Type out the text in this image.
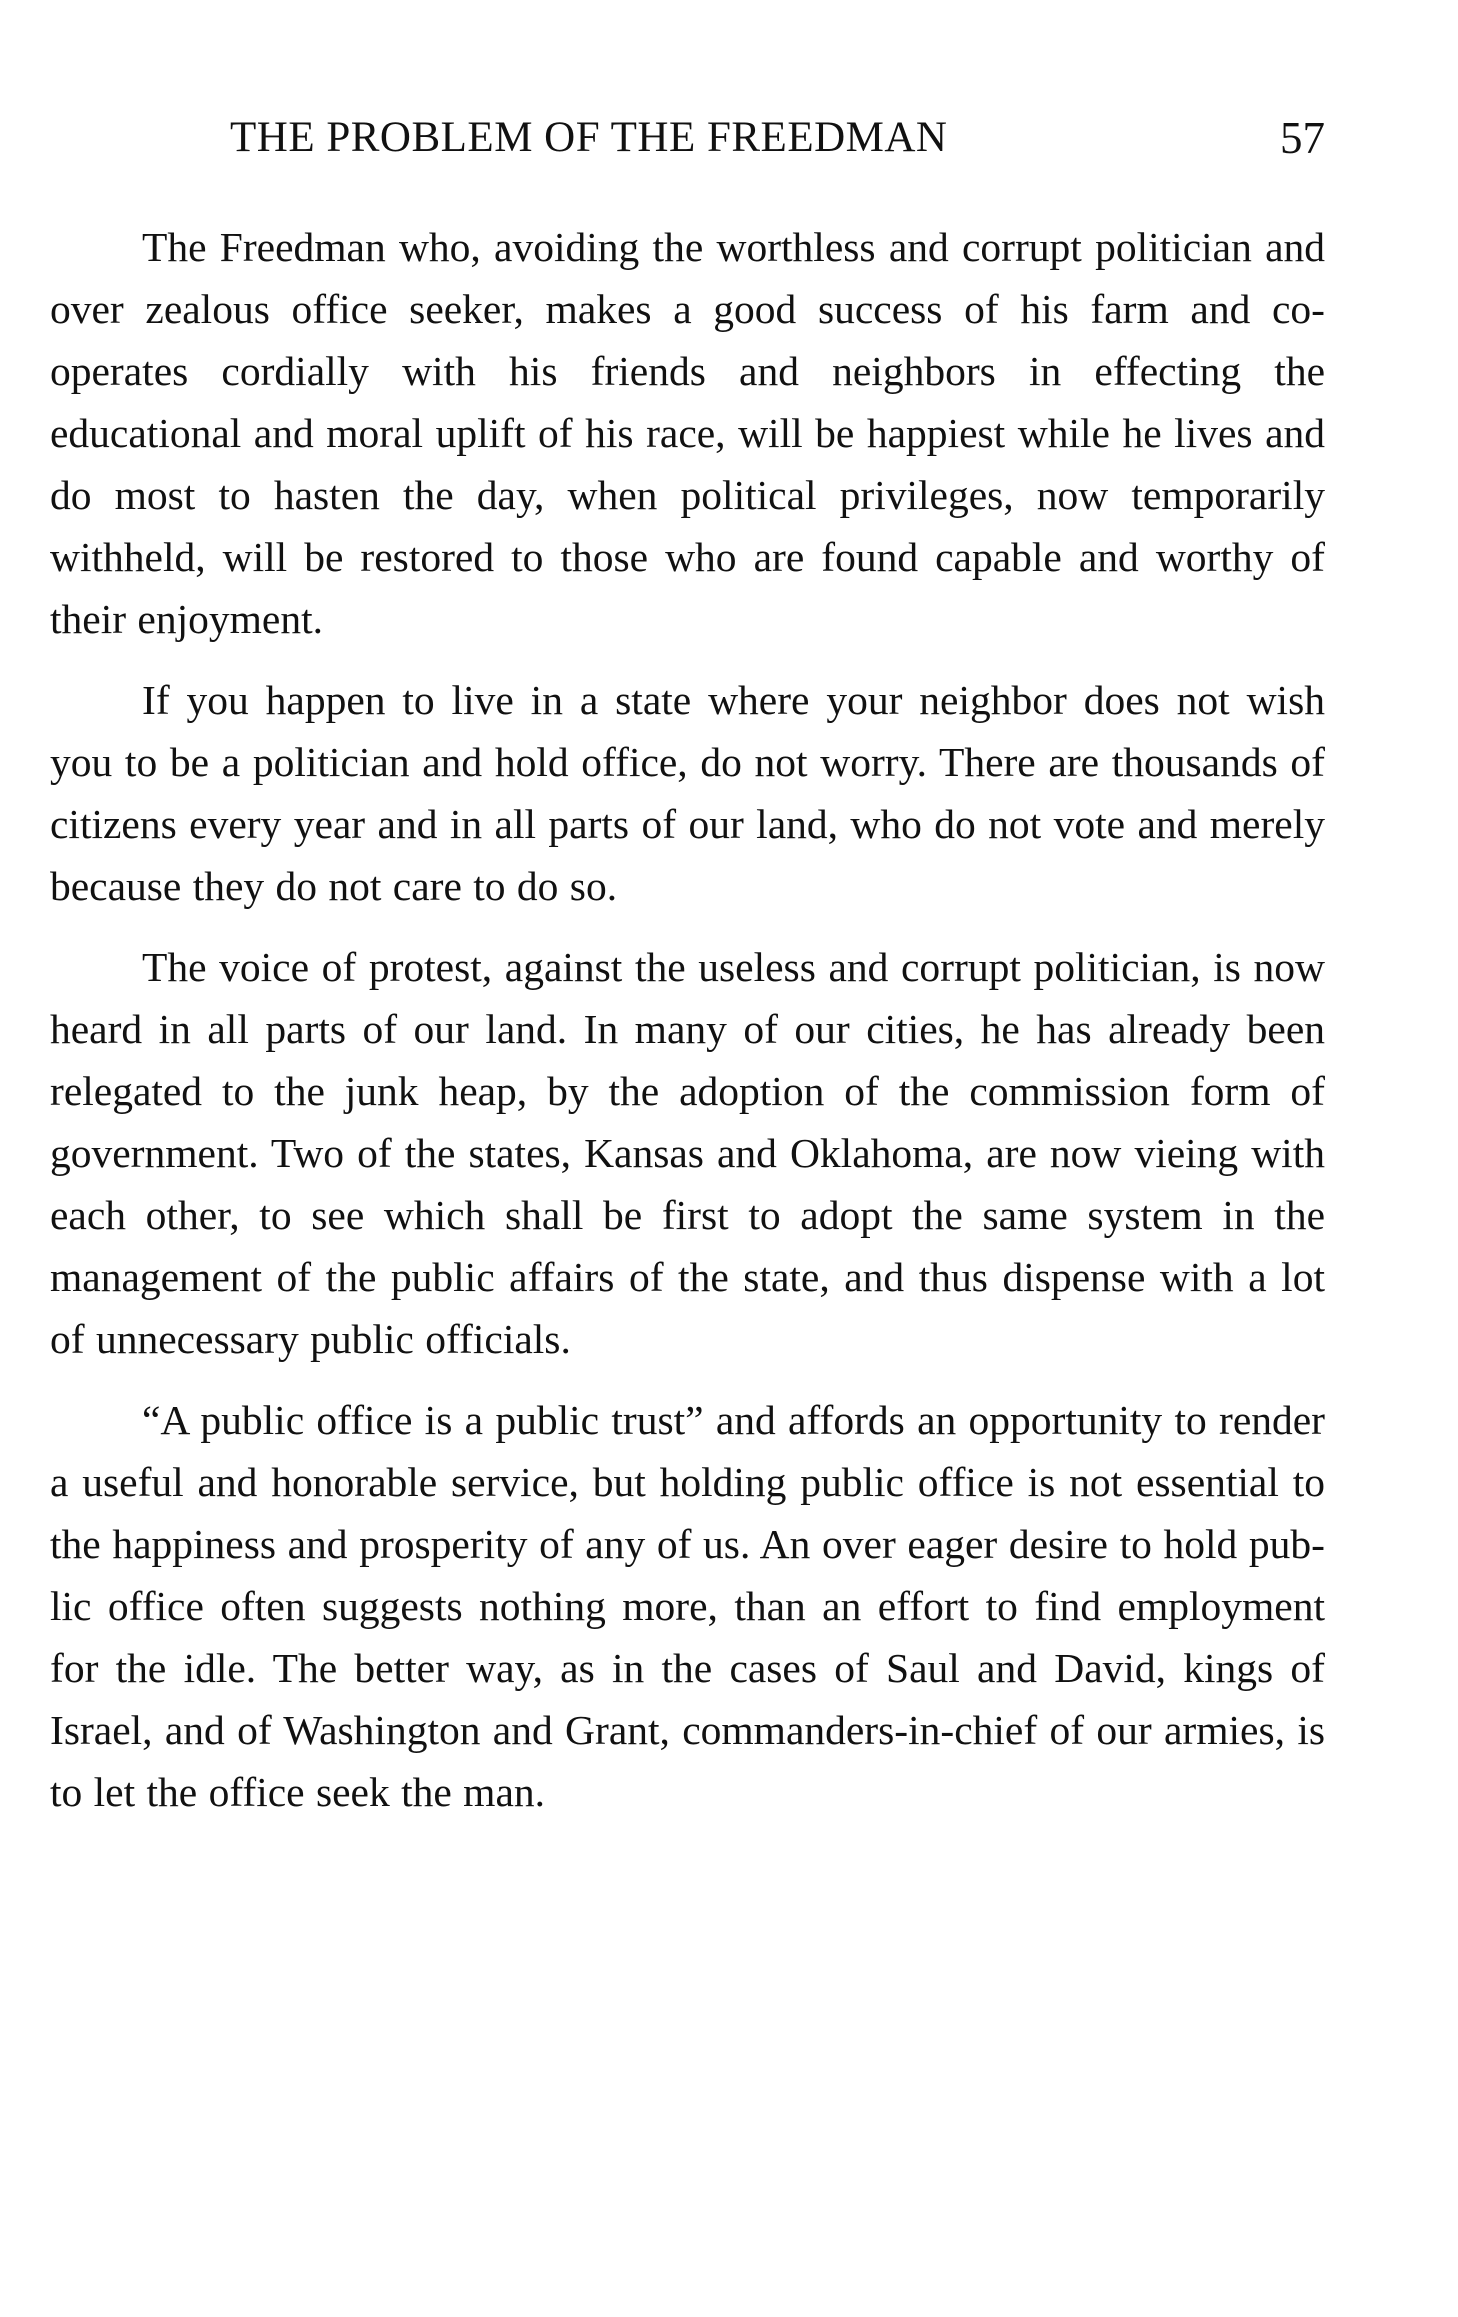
THE PROBLEM OF THE FREEDMAN	57

The Freedman who, avoiding the worthless and corrupt politician and over zealous office seeker, makes a good success of his farm and co-operates cordially with his friends and neighbors in effecting the educational and moral uplift of his race, will be happiest while he lives and do most to hasten the day, when political privileges, now temporarily withheld, will be restored to those who are found capable and worthy of their enjoyment.

If you happen to live in a state where your neighbor does not wish you to be a politician and hold office, do not worry. There are thousands of citizens every year and in all parts of our land, who do not vote and merely because they do not care to do so.

The voice of protest, against the useless and corrupt politician, is now heard in all parts of our land. In many of our cities, he has already been relegated to the junk heap, by the adoption of the commission form of government. Two of the states, Kansas and Oklahoma, are now vieing with each other, to see which shall be first to adopt the same system in the management of the public affairs of the state, and thus dispense with a lot of unnecessary public officials.

“A public office is a public trust” and affords an opportunity to render a useful and honorable service, but holding public office is not essential to the happiness and prosperity of any of us. An over eager desire to hold public office often suggests nothing more, than an effort to find employment for the idle. The better way, as in the cases of Saul and David, kings of Israel, and of Washington and Grant, commanders-in-chief of our armies, is to let the office seek the man.
